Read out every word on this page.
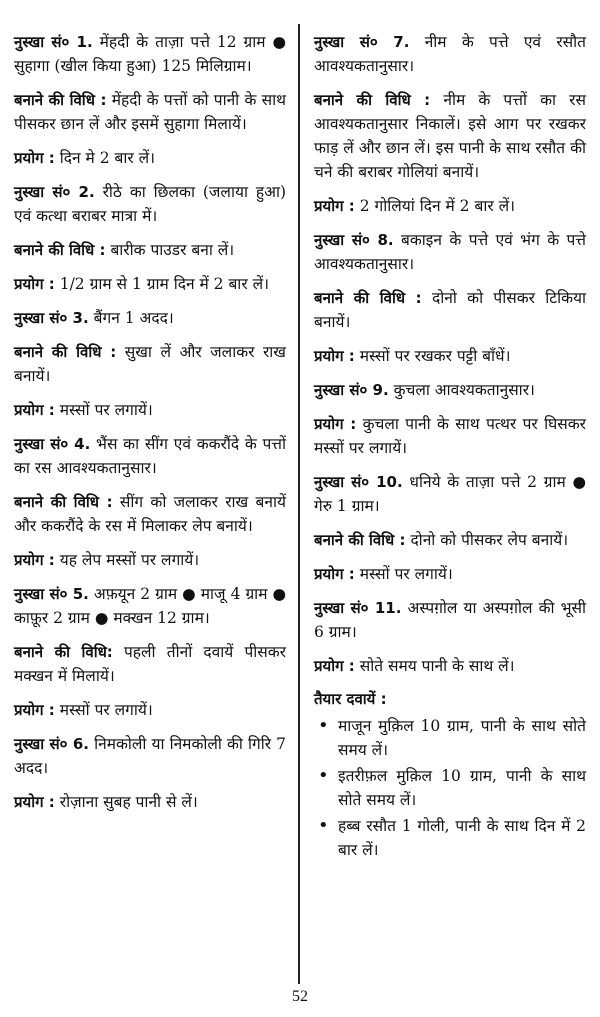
नुस्खा सं० 1. मेंहदी के ताज़ा पत्ते 12 ग्राम ● सुहागा (खील किया हुआ) 125 मिलिग्राम।

बनाने की विधि : मेंहदी के पत्तों को पानी के साथ पीसकर छान लें और इसमें सुहागा मिलायें।

प्रयोग : दिन मे 2 बार लें।

नुस्खा सं० 2. रीठे का छिलका (जलाया हुआ) एवं कत्था बराबर मात्रा में।

बनाने की विधि : बारीक पाउडर बना लें।

प्रयोग : 1/2 ग्राम से 1 ग्राम दिन में 2 बार लें।

नुस्खा सं० 3. बैंगन 1 अदद।

बनाने की विधि : सुखा लें और जलाकर राख बनायें।

प्रयोग : मस्सों पर लगायें।

नुस्खा सं० 4. भैंस का सींग एवं ककरौंदे के पत्तों का रस आवश्यकतानुसार।

बनाने की विधि : सींग को जलाकर राख बनायें और ककरौंदे के रस में मिलाकर लेप बनायें।

प्रयोग : यह लेप मस्सों पर लगायें।

नुस्खा सं० 5. अफ़यून 2 ग्राम ● माजू 4 ग्राम ● काफ़ूर 2 ग्राम ● मक्खन 12 ग्राम।

बनाने की विधि: पहली तीनों दवायें पीसकर मक्खन में मिलायें।

प्रयोग : मस्सों पर लगायें।

नुस्खा सं० 6. निमकोली या निमकोली की गिरि 7 अदद।

प्रयोग : रोज़ाना सुबह पानी से लें।

नुस्खा सं० 7. नीम के पत्ते एवं रसौत आवश्यकतानुसार।

बनाने की विधि : नीम के पत्तों का रस आवश्यकतानुसार निकालें। इसे आग पर रखकर फाड़ लें और छान लें। इस पानी के साथ रसौत की चने की बराबर गोलियां बनायें।

प्रयोग : 2 गोलियां दिन में 2 बार लें।

नुस्खा सं० 8. बकाइन के पत्ते एवं भंग के पत्ते आवश्यकतानुसार।

बनाने की विधि : दोनो को पीसकर टिकिया बनायें।

प्रयोग : मस्सों पर रखकर पट्टी बाँधें।

नुस्खा सं० 9. कुचला आवश्यकतानुसार।

प्रयोग : कुचला पानी के साथ पत्थर पर घिसकर मस्सों पर लगायें।

नुस्खा सं० 10. धनिये के ताज़ा पत्ते 2 ग्राम ● गेरु 1 ग्राम।

बनाने की विधि : दोनो को पीसकर लेप बनायें।

प्रयोग : मस्सों पर लगायें।

नुस्खा सं० 11. अस्पग़ोल या अस्पग़ोल की भूसी 6 ग्राम।

प्रयोग : सोते समय पानी के साथ लें।

तैयार दवायें :
• माजून मुक़िल 10 ग्राम, पानी के साथ सोते समय लें।
• इतरीफ़ल मुक़िल 10 ग्राम, पानी के साथ सोते समय लें।
• हब्ब रसौत 1 गोली, पानी के साथ दिन में 2 बार लें।
52
